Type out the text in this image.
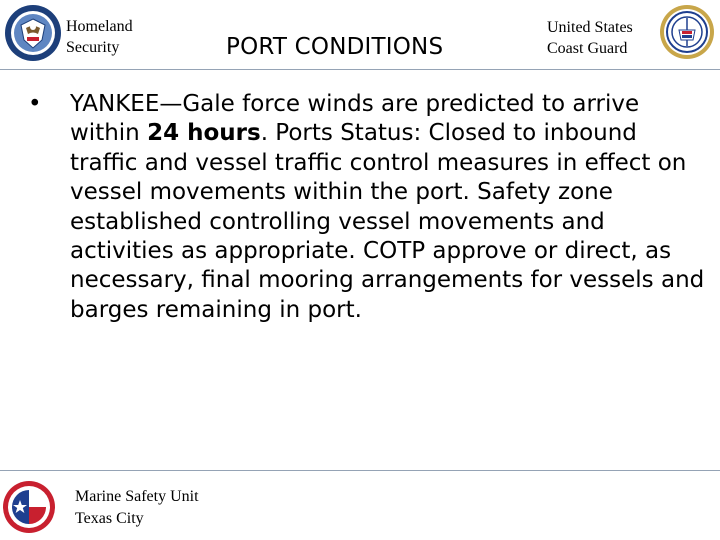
Homeland
Security	PORT CONDITIONS
United States
Coast Guard
• YANKEE—Gale force winds are predicted to arrive within 24 hours. Ports Status: Closed to inbound traffic and vessel traffic control measures in effect on vessel movements within the port. Safety zone established controlling vessel movements and activities as appropriate. COTP approve or direct, as necessary, final mooring arrangements for vessels and barges remaining in port.

Marine Safety Unit
Texas City
